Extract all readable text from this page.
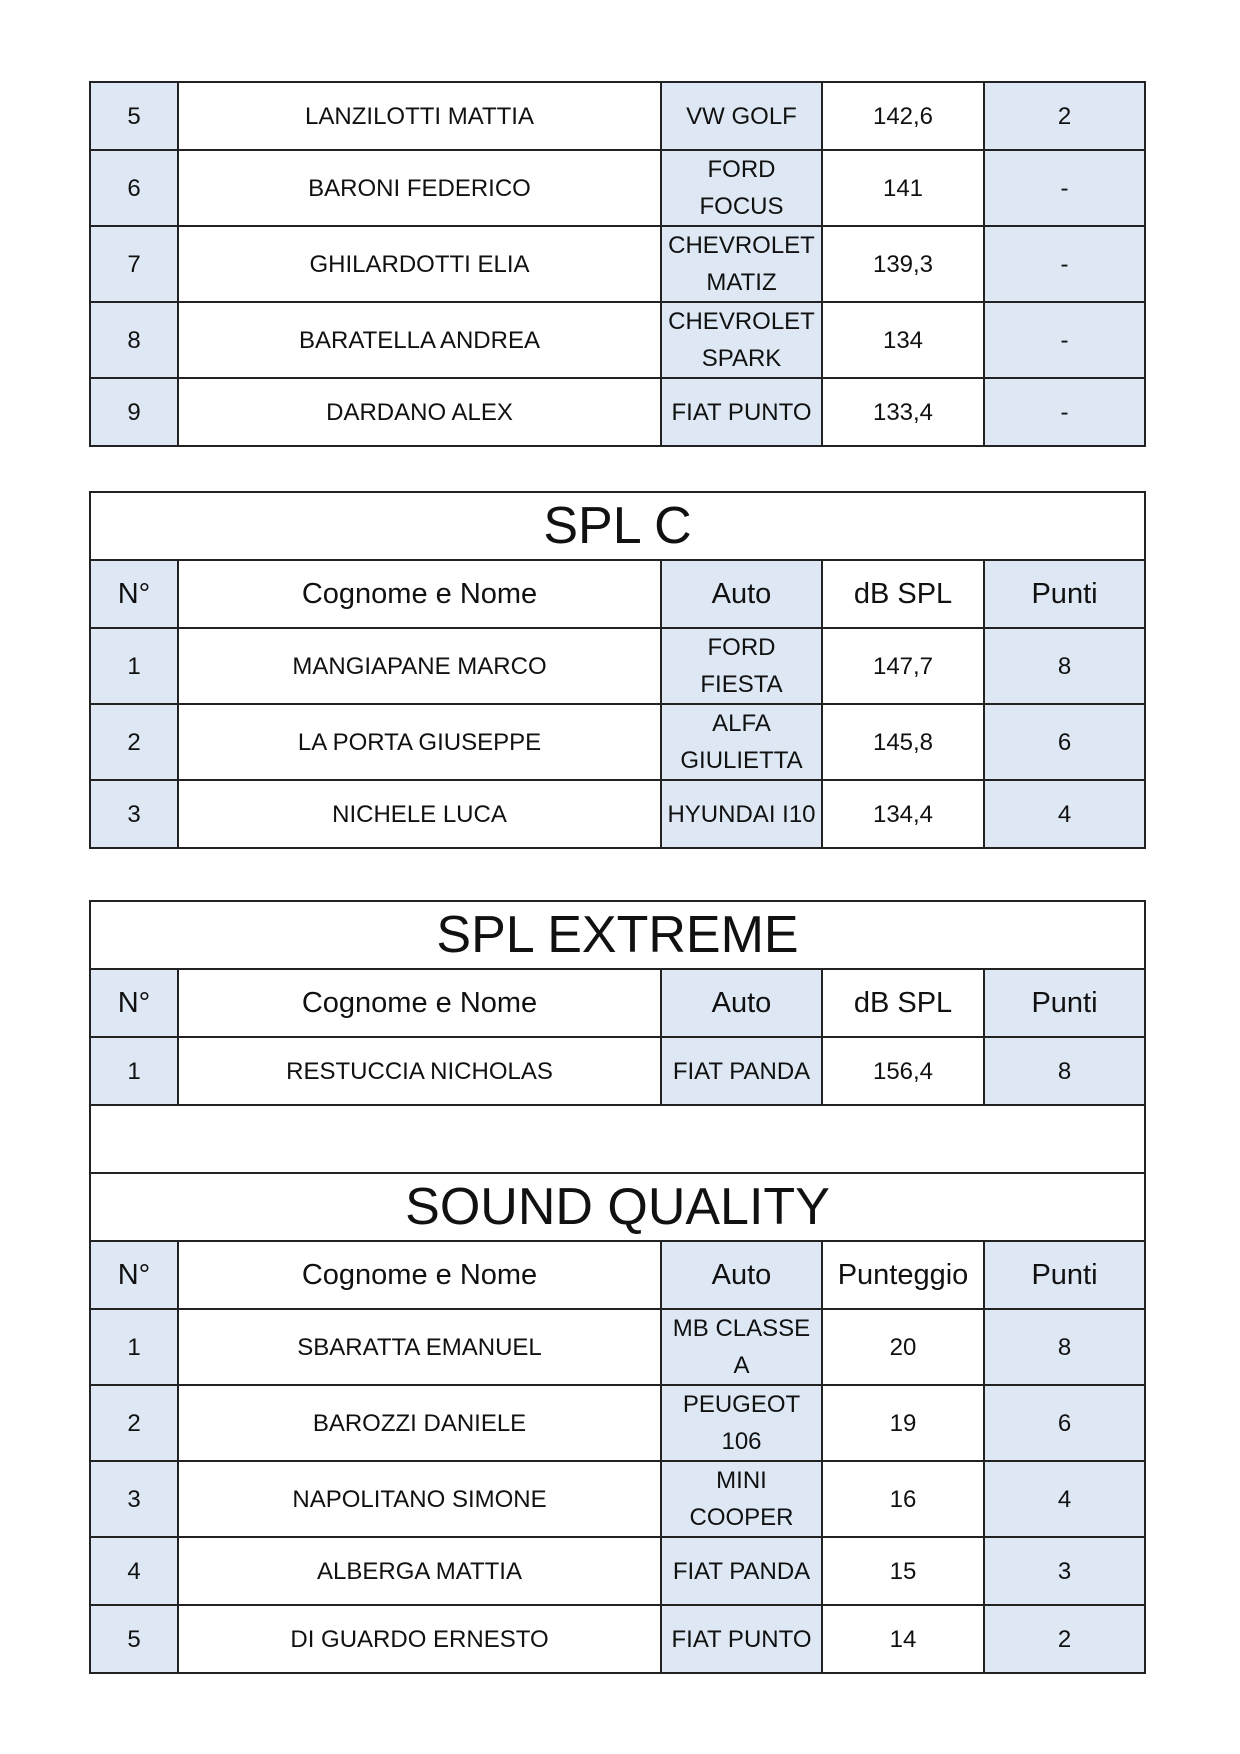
5	LANZILOTTI MATTIA	VW GOLF	142,6	2
6	BARONI FEDERICO	FORD FOCUS	141	-
7	GHILARDOTTI ELIA	CHEVROLET MATIZ	139,3	-
8	BARATELLA ANDREA	CHEVROLET SPARK	134	-
9	DARDANO ALEX	FIAT PUNTO	133,4	-
SPL C				
N°	Cognome e Nome	Auto	dB SPL	Punti
1	MANGIAPANE MARCO	FORD FIESTA	147,7	8
2	LA PORTA GIUSEPPE	ALFA GIULIETTA	145,8	6
3	NICHELE LUCA	HYUNDAI I10	134,4	4
SPL EXTREME				
N°	Cognome e Nome	Auto	dB SPL	Punti
1	RESTUCCIA NICHOLAS	FIAT PANDA	156,4	8

SOUND QUALITY				
N°	Cognome e Nome	Auto	Punteggio	Punti
1	SBARATTA EMANUEL	MB CLASSE A	20	8
2	BAROZZI DANIELE	PEUGEOT 106	19	6
3	NAPOLITANO SIMONE	MINI COOPER	16	4
4	ALBERGA MATTIA	FIAT PANDA	15	3
5	DI GUARDO ERNESTO	FIAT PUNTO	14	2
